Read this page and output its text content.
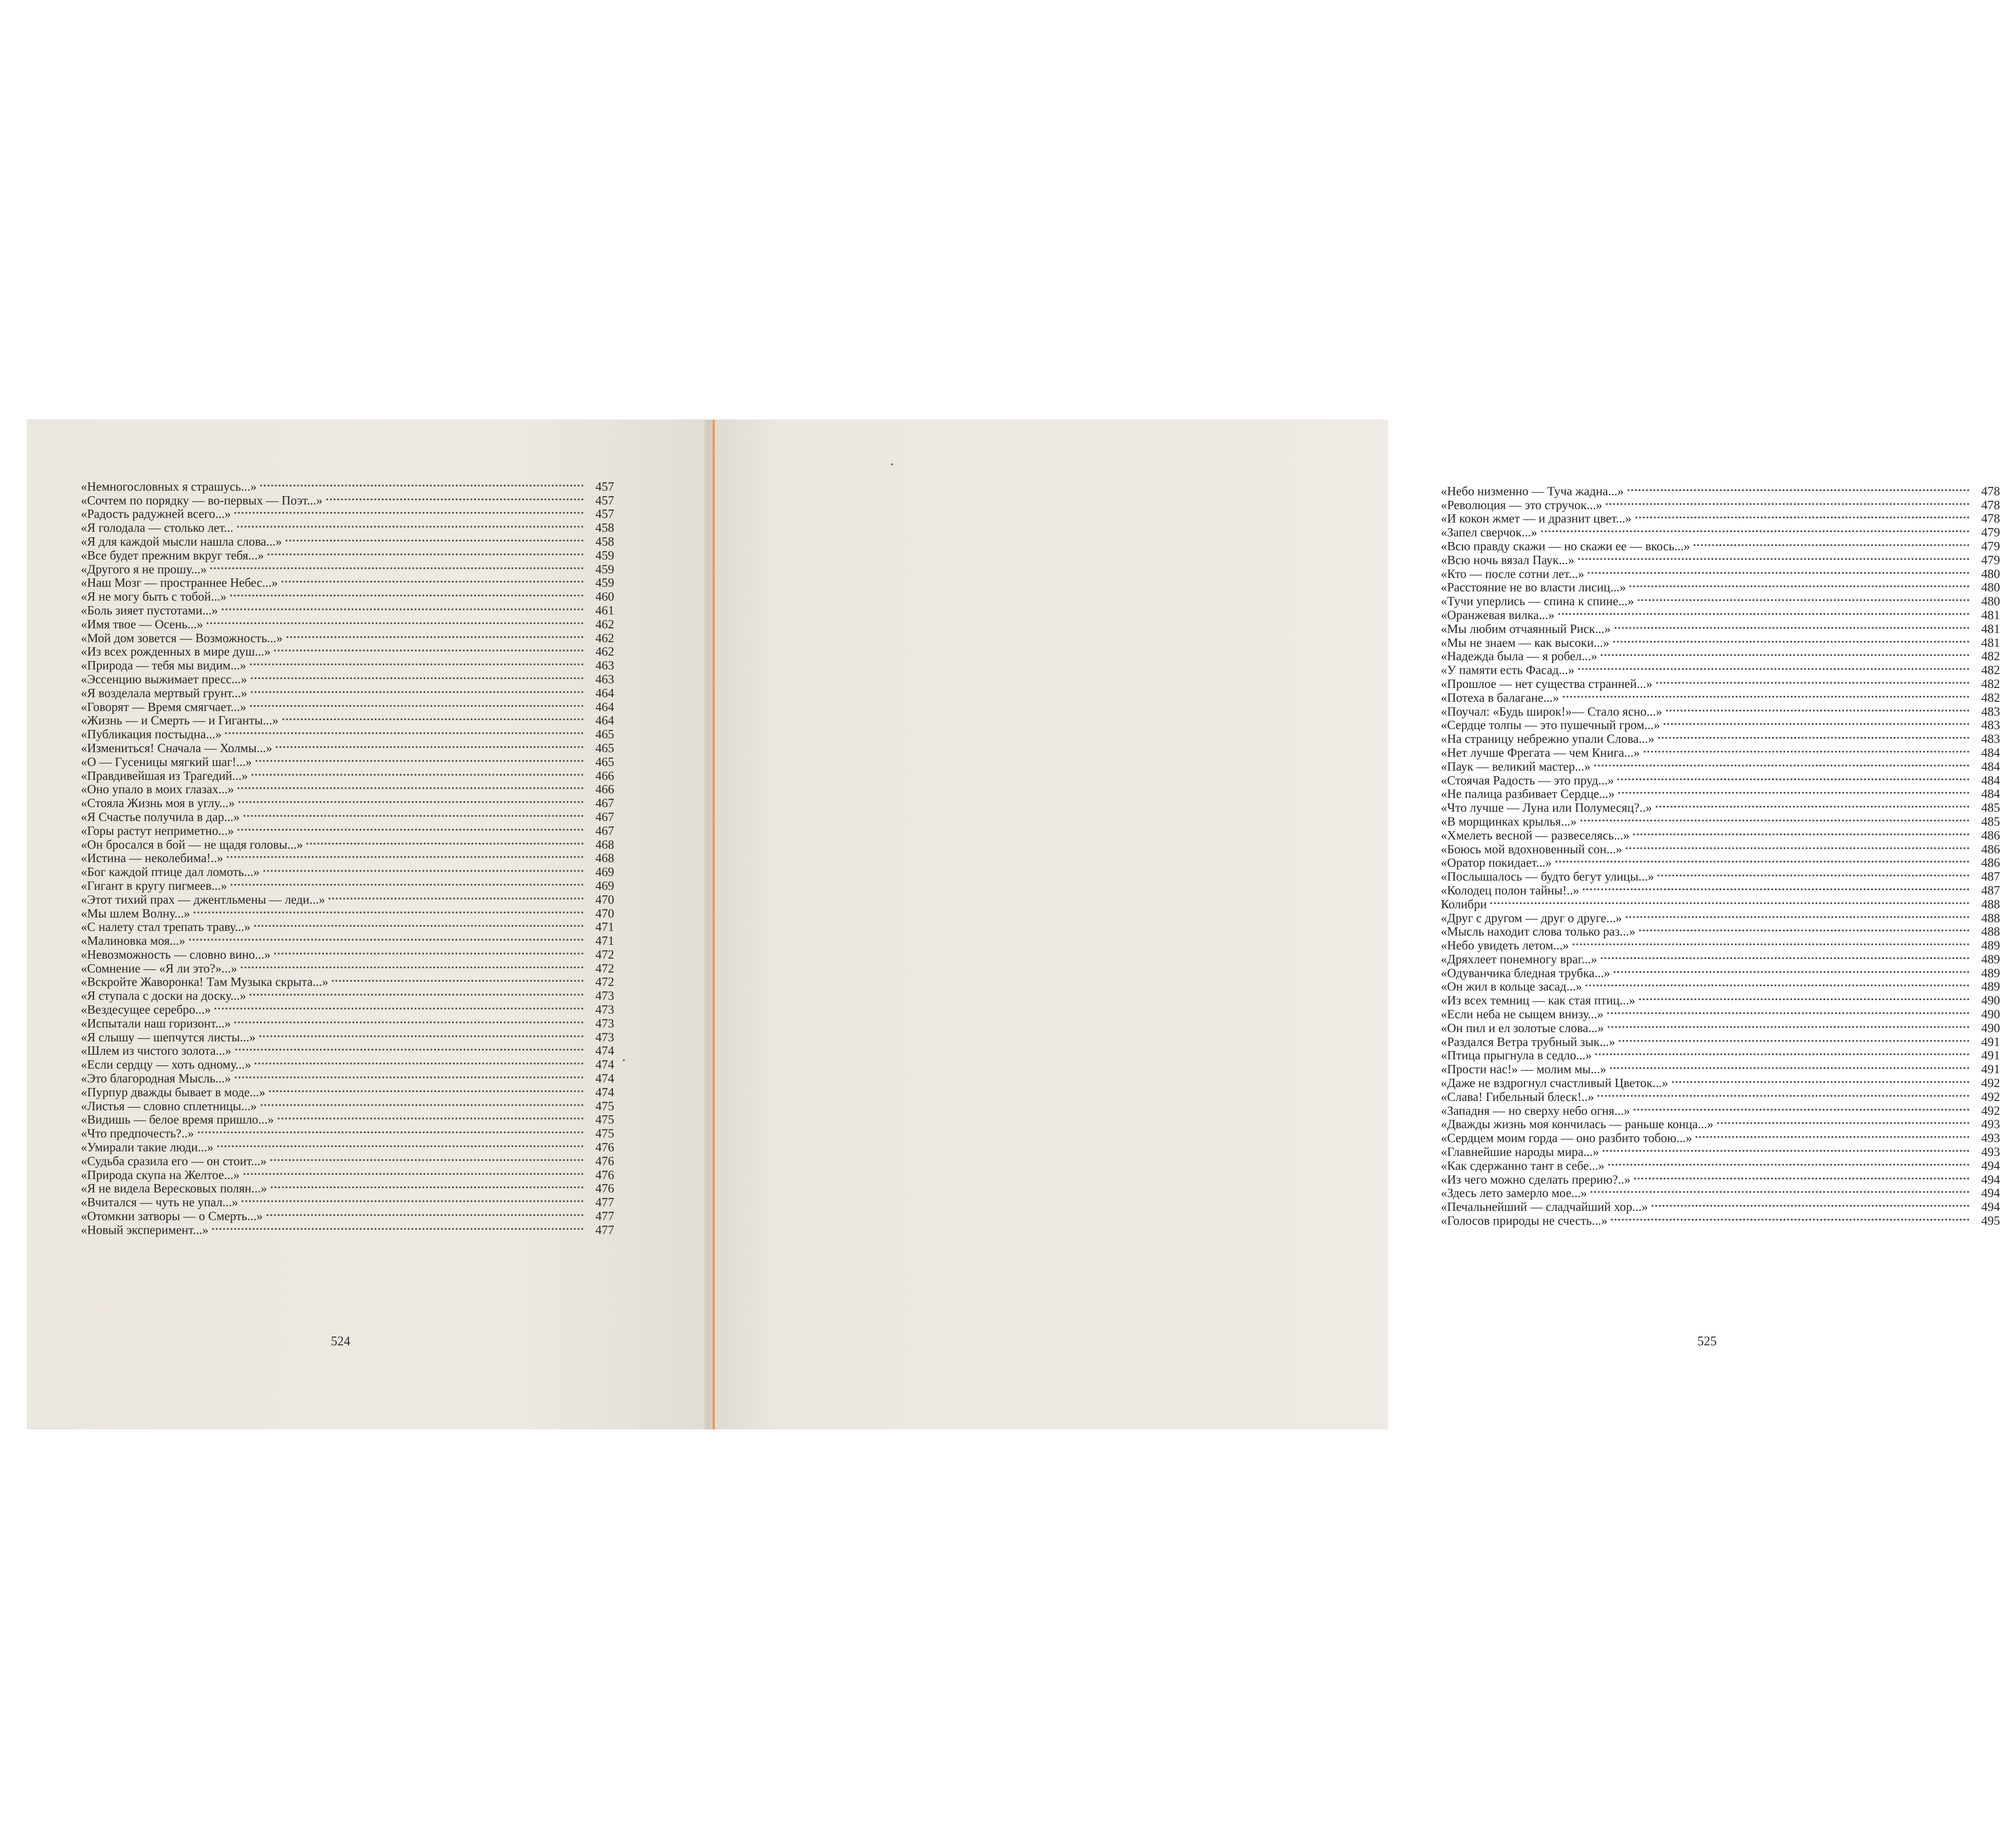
«Немногословных я страшусь...»	457
«Сочтем по порядку — во-первых — Поэт...»	457
«Радость радужней всего...»	457
«Я голодала — столько лет...	458
«Я для каждой мысли нашла слова...»	458
«Все будет прежним вкруг тебя...»	459
«Другого я не прошу...»	459
«Наш Мозг — пространнее Небес...»	459
«Я не могу быть с тобой...»	460
«Боль зияет пустотами...»	461
«Имя твое — Осень...»	462
«Мой дом зовется — Возможность...»	462
«Из всех рожденных в мире душ...»	462
«Природа — тебя мы видим...»	463
«Эссенцию выжимает пресс...»	463
«Я возделала мертвый грунт...»	464
«Говорят — Время смягчает...»	464
«Жизнь — и Смерть — и Гиганты...»	464
«Публикация постыдна...»	465
«Измениться! Сначала — Холмы...»	465
«О — Гусеницы мягкий шаг!...»	465
«Правдивейшая из Трагедий...»	466
«Оно упало в моих глазах...»	466
«Стояла Жизнь моя в углу...»	467
«Я Счастье получила в дар...»	467
«Горы растут неприметно...»	467
«Он бросался в бой — не щадя головы...»	468
«Истина — неколебима!..»	468
«Бог каждой птице дал ломоть...»	469
«Гигант в кругу пигмеев...»	469
«Этот тихий прах — джентльмены — леди...»	470
«Мы шлем Волну...»	470
«С налету стал трепать траву...»	471
«Малиновка моя...»	471
«Невозможность — словно вино...»	472
«Сомнение — «Я ли это?»...»	472
«Вскройте Жаворонка! Там Музыка скрыта...»	472
«Я ступала с доски на доску...»	473
«Вездесущее серебро...»	473
«Испытали наш горизонт...»	473
«Я слышу — шепчутся листы...»	473
«Шлем из чистого золота...»	474
«Если сердцу — хоть одному...»	474
«Это благородная Мысль...»	474
«Пурпур дважды бывает в моде...»	474
«Листья — словно сплетницы...»	475
«Видишь — белое время пришло...»	475
«Что предпочесть?..»	475
«Умирали такие люди...»	476
«Судьба сразила его — он стоит...»	476
«Природа скупа на Желтое...»	476
«Я не видела Вересковых полян...»	476
«Вчитался — чуть не упал...»	477
«Отомкни затворы — о Смерть...»	477
«Новый эксперимент...»	477
524
«Небо низменно — Туча жадна...»	478
«Революция — это стручок...»	478
«И кокон жмет — и дразнит цвет...»	478
«Запел сверчок...»	479
«Всю правду скажи — но скажи ее — вкось...»	479
«Всю ночь вязал Паук...»	479
«Кто — после сотни лет...»	480
«Расстояние не во власти лисиц...»	480
«Тучи уперлись — спина к спине...»	480
«Оранжевая вилка...»	481
«Мы любим отчаянный Риск...»	481
«Мы не знаем — как высоки...»	481
«Надежда была — я робел...»	482
«У памяти есть Фасад...»	482
«Прошлое — нет существа странней...»	482
«Потеха в балагане...»	482
«Поучал: «Будь широк!»— Стало ясно...»	483
«Сердце толпы — это пушечный гром...»	483
«На страницу небрежно упали Слова...»	483
«Нет лучше Фрегата — чем Книга...»	484
«Паук — великий мастер...»	484
«Стоячая Радость — это пруд...»	484
«Не палица разбивает Сердце...»	484
«Что лучше — Луна или Полумесяц?..»	485
«В морщинках крылья...»	485
«Хмелеть весной — развеселясь...»	486
«Боюсь мой вдохновенный сон...»	486
«Оратор покидает...»	486
«Послышалось — будто бегут улицы...»	487
«Колодец полон тайны!..»	487
Колибри	488
«Друг с другом — друг о друге...»	488
«Мысль находит слова только раз...»	488
«Небо увидеть летом...»	489
«Дряхлеет понемногу враг...»	489
«Одуванчика бледная трубка...»	489
«Он жил в кольце засад...»	489
«Из всех темниц — как стая птиц...»	490
«Если неба не сыщем внизу...»	490
«Он пил и ел золотые слова...»	490
«Раздался Ветра трубный зык...»	491
«Птица прыгнула в седло...»	491
«Прости нас!» — молим мы...»	491
«Даже не вздрогнул счастливый Цветок...»	492
«Слава! Гибельный блеск!..»	492
«Западня — но сверху небо огня...»	492
«Дважды жизнь моя кончилась — раньше конца...»	493
«Сердцем моим горда — оно разбито тобою...»	493
«Главнейшие народы мира...»	493
«Как сдержанно тант в себе...»	494
«Из чего можно сделать прерию?..»	494
«Здесь лето замерло мое...»	494
«Печальнейший — сладчайший хор...»	494
«Голосов природы не счесть...»	495
525
